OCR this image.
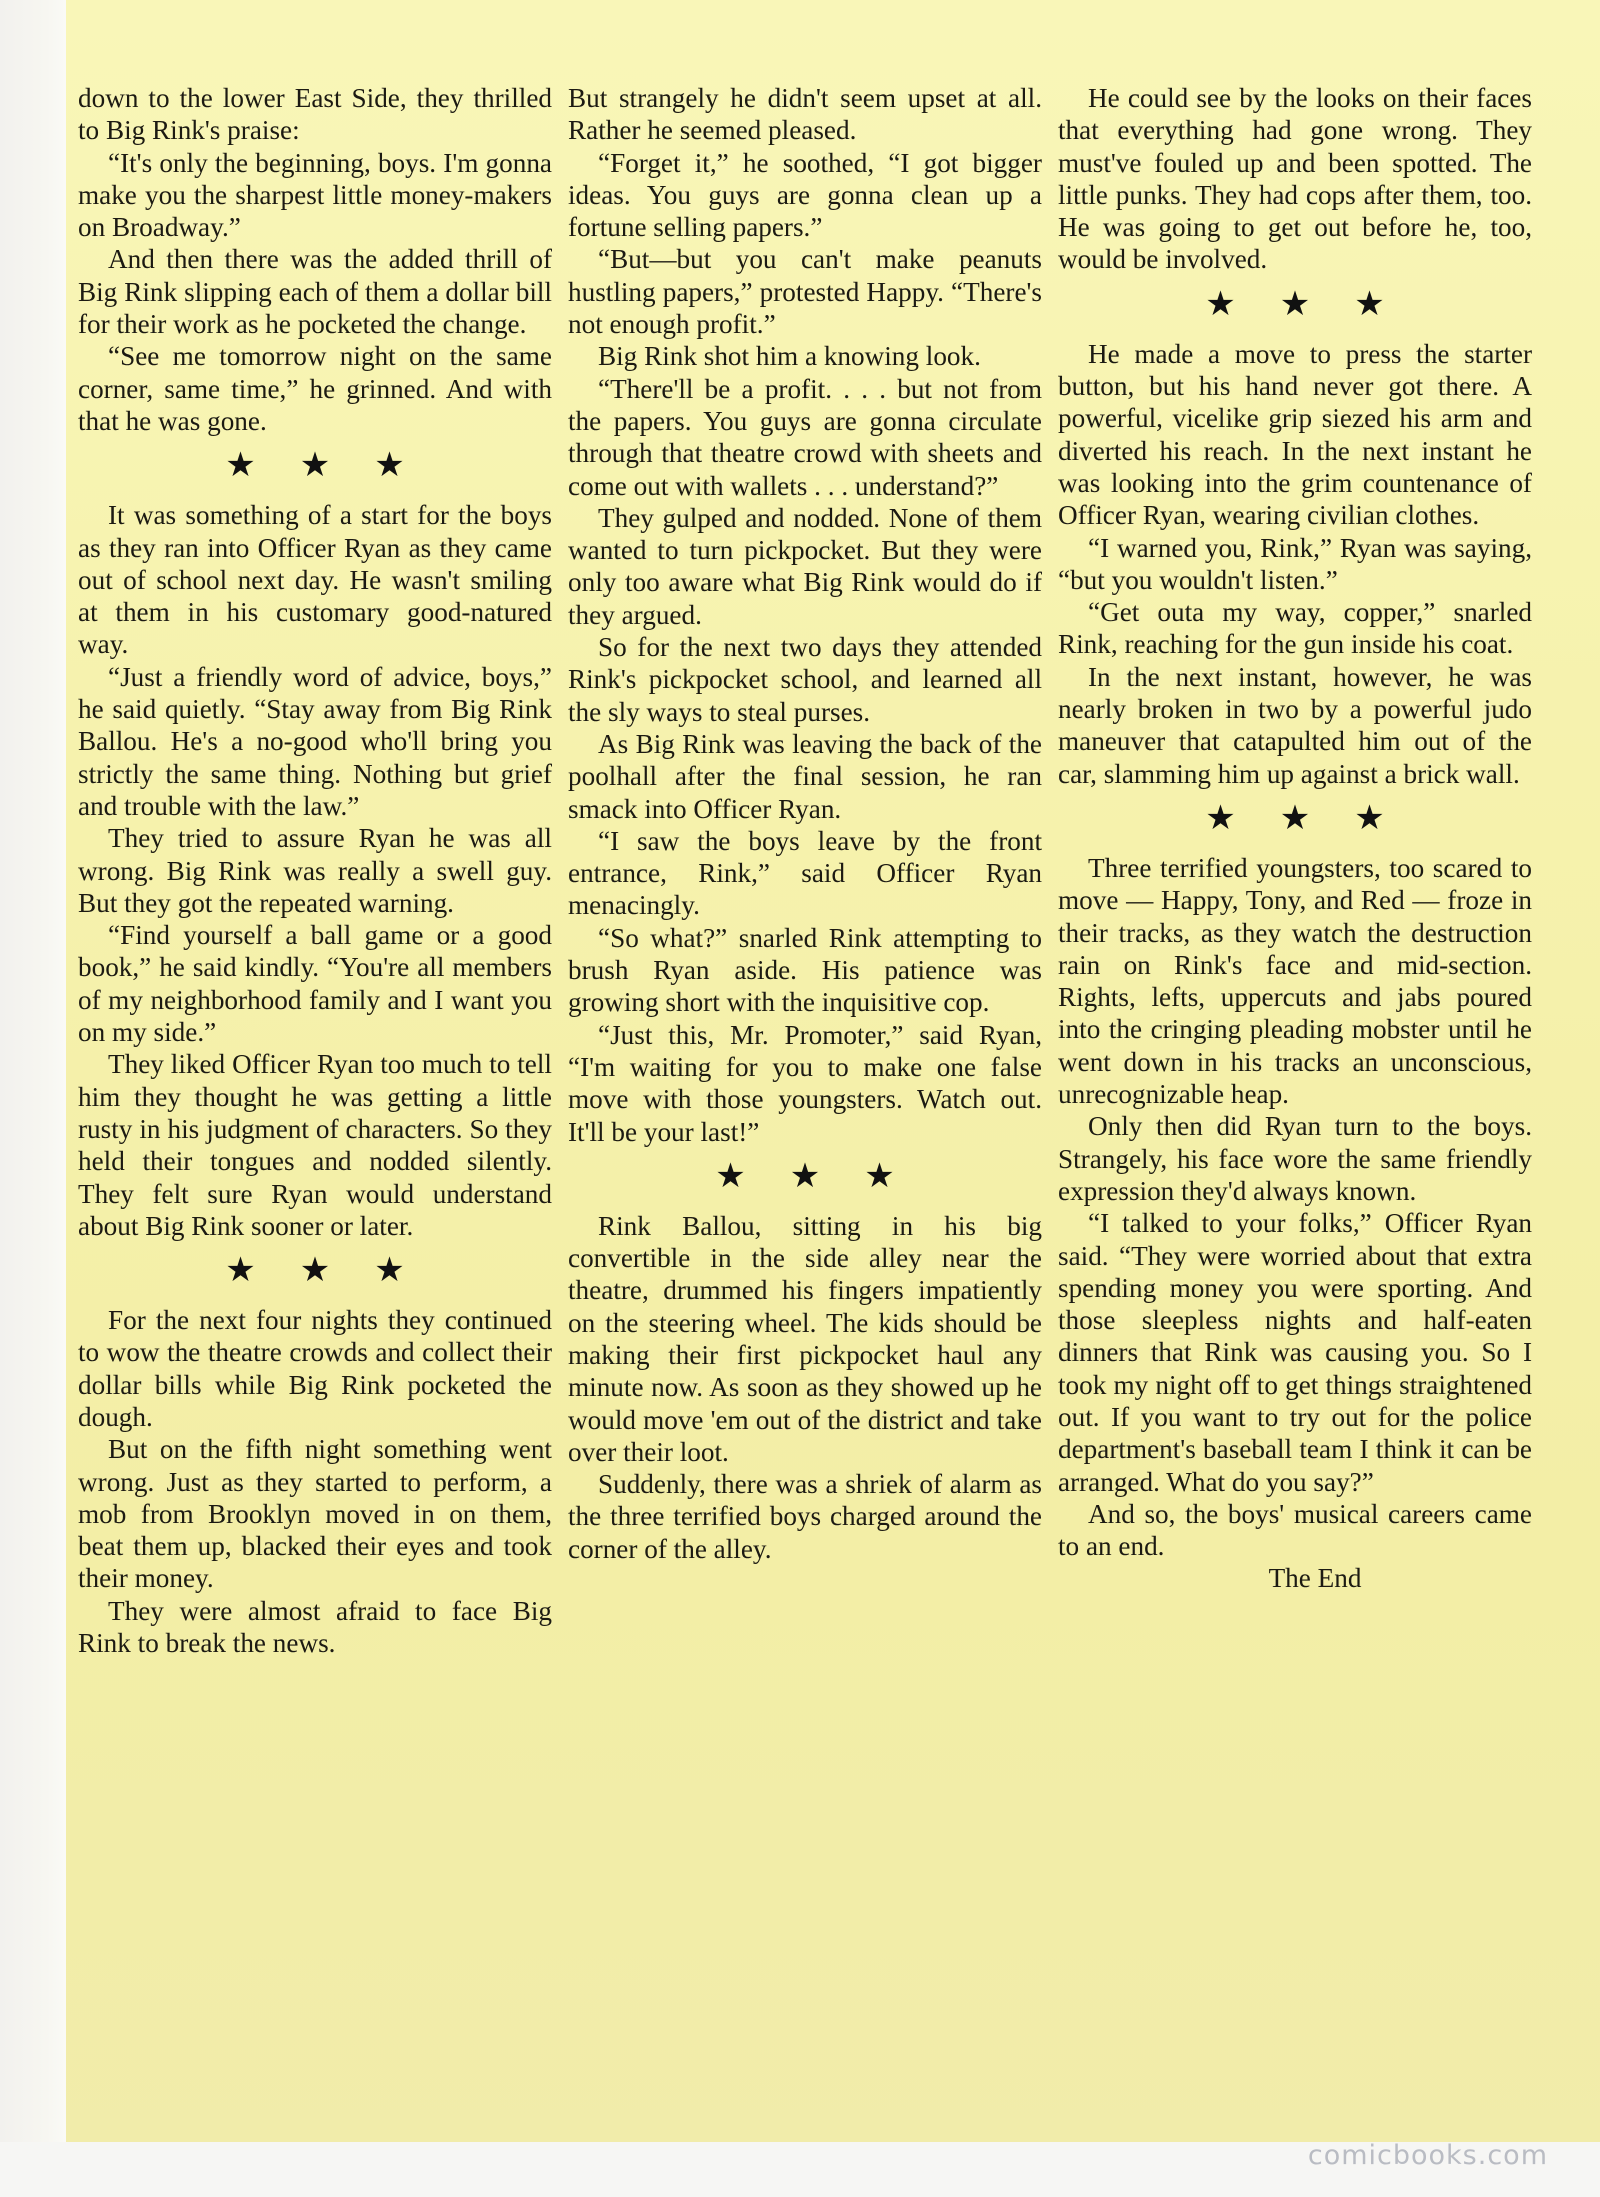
down to the lower East Side, they thrilled to Big Rink's praise:

“It's only the beginning, boys. I'm gonna make you the sharpest little money-makers on Broadway.”

And then there was the added thrill of Big Rink slipping each of them a dollar bill for their work as he pocketed the change.

“See me tomorrow night on the same corner, same time,” he grinned. And with that he was gone.

★ ★ ★

It was something of a start for the boys as they ran into Officer Ryan as they came out of school next day. He wasn't smiling at them in his customary good-natured way.

“Just a friendly word of advice, boys,” he said quietly. “Stay away from Big Rink Ballou. He's a no-good who'll bring you strictly the same thing. Nothing but grief and trouble with the law.”

They tried to assure Ryan he was all wrong. Big Rink was really a swell guy. But they got the repeated warning.

“Find yourself a ball game or a good book,” he said kindly. “You're all members of my neighborhood family and I want you on my side.”

They liked Officer Ryan too much to tell him they thought he was getting a little rusty in his judgment of characters. So they held their tongues and nodded silently. They felt sure Ryan would understand about Big Rink sooner or later.

★ ★ ★

For the next four nights they continued to wow the theatre crowds and collect their dollar bills while Big Rink pocketed the dough.

But on the fifth night something went wrong. Just as they started to perform, a mob from Brooklyn moved in on them, beat them up, blacked their eyes and took their money.

They were almost afraid to face Big Rink to break the news.

But strangely he didn't seem upset at all. Rather he seemed pleased.

“Forget it,” he soothed, “I got bigger ideas. You guys are gonna clean up a fortune selling papers.”

“But—but you can't make peanuts hustling papers,” protested Happy. “There's not enough profit.”

Big Rink shot him a knowing look.

“There'll be a profit. . . . but not from the papers. You guys are gonna circulate through that theatre crowd with sheets and come out with wallets . . . understand?”

They gulped and nodded. None of them wanted to turn pickpocket. But they were only too aware what Big Rink would do if they argued.

So for the next two days they attended Rink's pickpocket school, and learned all the sly ways to steal purses.

As Big Rink was leaving the back of the poolhall after the final session, he ran smack into Officer Ryan.

“I saw the boys leave by the front entrance, Rink,” said Officer Ryan menacingly.

“So what?” snarled Rink attempting to brush Ryan aside. His patience was growing short with the inquisitive cop.

“Just this, Mr. Promoter,” said Ryan, “I'm waiting for you to make one false move with those youngsters. Watch out. It'll be your last!”

★ ★ ★

Rink Ballou, sitting in his big convertible in the side alley near the theatre, drummed his fingers impatiently on the steering wheel. The kids should be making their first pickpocket haul any minute now. As soon as they showed up he would move 'em out of the district and take over their loot.

Suddenly, there was a shriek of alarm as the three terrified boys charged around the corner of the alley.

He could see by the looks on their faces that everything had gone wrong. They must've fouled up and been spotted. The little punks. They had cops after them, too. He was going to get out before he, too, would be involved.

★ ★ ★

He made a move to press the starter button, but his hand never got there. A powerful, vicelike grip siezed his arm and diverted his reach. In the next instant he was looking into the grim countenance of Officer Ryan, wearing civilian clothes.

“I warned you, Rink,” Ryan was saying, “but you wouldn't listen.”

“Get outa my way, copper,” snarled Rink, reaching for the gun inside his coat.

In the next instant, however, he was nearly broken in two by a powerful judo maneuver that catapulted him out of the car, slamming him up against a brick wall.

★ ★ ★

Three terrified youngsters, too scared to move — Happy, Tony, and Red — froze in their tracks, as they watch the destruction rain on Rink's face and mid-section. Rights, lefts, uppercuts and jabs poured into the cringing pleading mobster until he went down in his tracks an unconscious, unrecognizable heap.

Only then did Ryan turn to the boys. Strangely, his face wore the same friendly expression they'd always known.

“I talked to your folks,” Officer Ryan said. “They were worried about that extra spending money you were sporting. And those sleepless nights and half-eaten dinners that Rink was causing you. So I took my night off to get things straightened out. If you want to try out for the police department's baseball team I think it can be arranged. What do you say?”

And so, the boys' musical careers came to an end.

The End
comicbooks.com
